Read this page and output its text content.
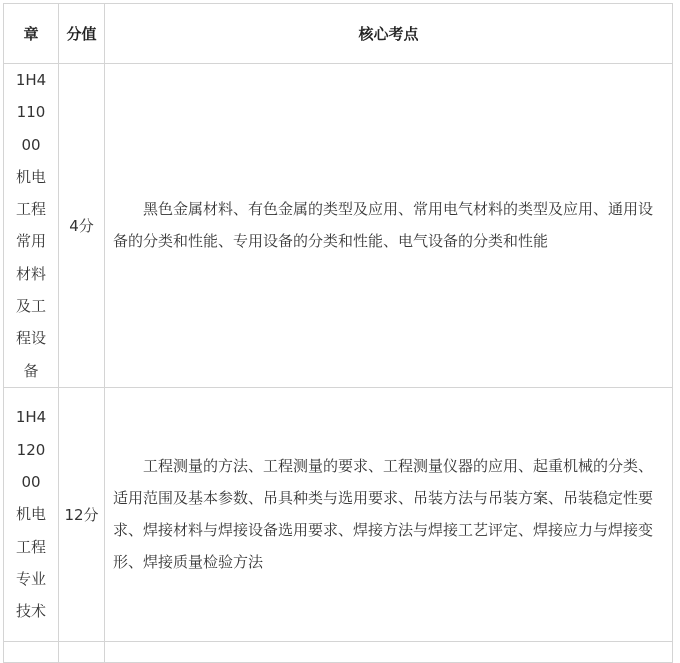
章	分值	核心考点
1H411000机电工程常用材料及工程设备	4分	黑色金属材料、有色金属的类型及应用、常用电气材料的类型及应用、通用设备的分类和性能、专用设备的分类和性能、电气设备的分类和性能

1H412000机电工程专业技术	12分	工程测量的方法、工程测量的要求、工程测量仪器的应用、起重机械的分类、适用范围及基本参数、吊具种类与选用要求、吊装方法与吊装方案、吊装稳定性要求、焊接材料与焊接设备选用要求、焊接方法与焊接工艺评定、焊接应力与焊接变形、焊接质量检验方法
